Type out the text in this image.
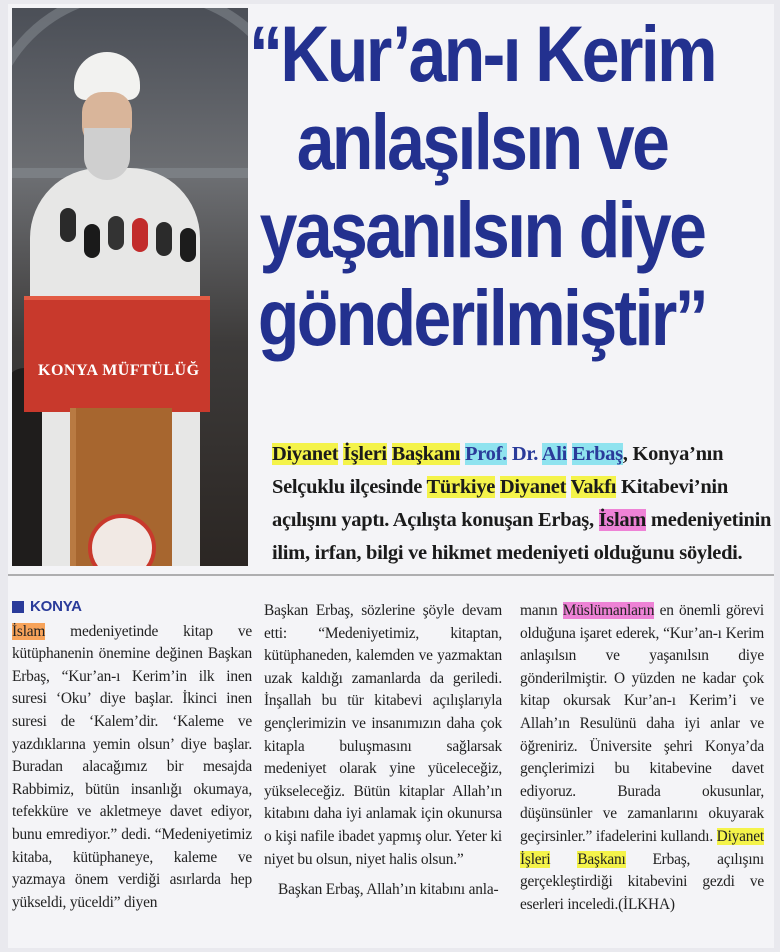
KONYA MÜFTÜLÜĞ
“Kur’an-ı Kerim
anlaşılsın ve
yaşanılsın diye
gönderilmiştir”
Diyanet İşleri Başkanı Prof. Dr. Ali Erbaş, Konya’nın Selçuklu ilçesinde Türkiye Diyanet Vakfı Kitabevi’nin açılışını yaptı. Açılışta konuşan Erbaş, İslam medeniyetinin ilim, irfan, bilgi ve hikmet medeniyeti olduğunu söyledi.
KONYA

İslam medeniyetinde kitap ve kütüphanenin önemine değinen Başkan Erbaş, “Kur’an-ı Kerim’in ilk inen suresi ‘Oku’ diye başlar. İkinci inen suresi de ‘Kalem’dir. ‘Kaleme ve yazdıklarına yemin olsun’ diye başlar. Buradan alacağımız bir mesajda Rabbimiz, bütün insanlığı okumaya, tefekküre ve akletmeye davet ediyor, bunu emrediyor.” dedi. “Medeniyetimiz kitaba, kütüphaneye, kaleme ve yazmaya önem verdiği asırlarda hep yükseldi, yüceldi” diyen

Başkan Erbaş, sözlerine şöyle devam etti: “Medeniyetimiz, kitaptan, kütüphaneden, kalemden ve yazmaktan uzak kaldığı zamanlarda da geriledi. İnşallah bu tür kitabevi açılışlarıyla gençlerimizin ve insanımızın daha çok kitapla buluşmasını sağlarsak medeniyet olarak yine yüceleceğiz, yükseleceğiz. Bütün kitaplar Allah’ın kitabını daha iyi anlamak için okunursa o kişi nafile ibadet yapmış olur. Yeter ki niyet bu olsun, niyet halis olsun.”

Başkan Erbaş, Allah’ın kitabını anla-

manın Müslümanların en önemli görevi olduğuna işaret ederek, “Kur’an-ı Kerim anlaşılsın ve yaşanılsın diye gönderilmiştir. O yüzden ne kadar çok kitap okursak Kur’an-ı Kerim’i ve Allah’ın Resulünü daha iyi anlar ve öğreniriz. Üniversite şehri Konya’da gençlerimizi bu kitabevine davet ediyoruz. Burada okusunlar, düşünsünler ve zamanlarını okuyarak geçirsinler.” ifadelerini kullandı. Diyanet İşleri Başkanı Erbaş, açılışını gerçekleştirdiği kitabevini gezdi ve eserleri inceledi.(İLKHA)
